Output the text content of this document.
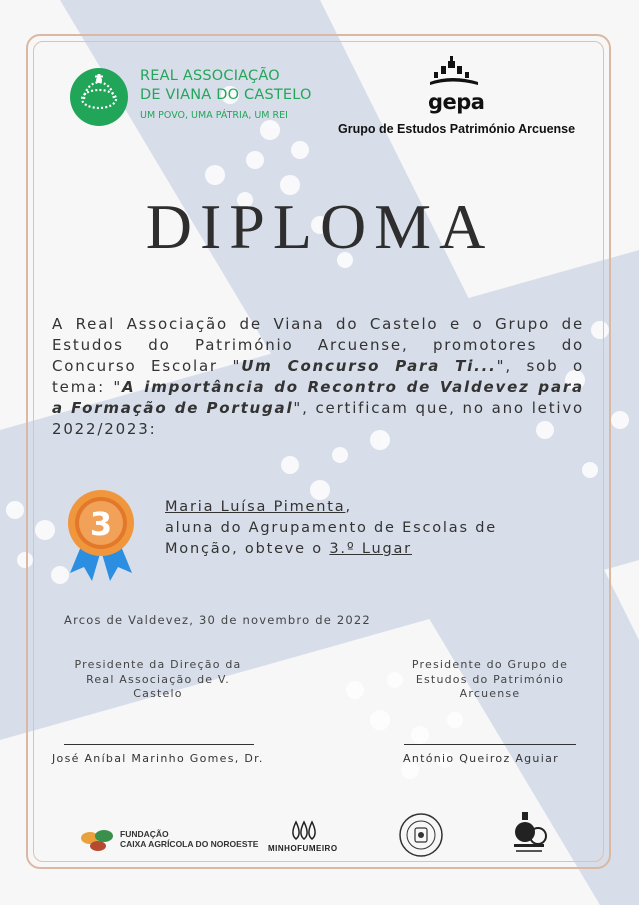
REAL ASSOCIAÇÃO
DE VIANA DO CASTELO
UM POVO, UMA PÁTRIA, UM REI
gepa
Grupo de Estudos Património Arcuense
DIPLOMA
A Real Associação de Viana do Castelo e o Grupo de Estudos do Património Arcuense, promotores do Concurso Escolar "Um Concurso Para Ti...", sob o tema: "A importância do Recontro de Valdevez para a Formação de Portugal", certificam que, no ano letivo 2022/2023:
3	Maria Luísa Pimenta,
aluna do Agrupamento de Escolas de
Monção, obteve o 3.º Lugar
Arcos de Valdevez, 30 de novembro de 2022
Presidente da Direção da
Real Associação de V.
Castelo
Presidente do Grupo de
Estudos do Património
Arcuense
José Aníbal Marinho Gomes, Dr.	António Queiroz Aguiar
FUNDAÇÃO
CAIXA AGRÍCOLA DO NOROESTE MINHOFUMEIRO
